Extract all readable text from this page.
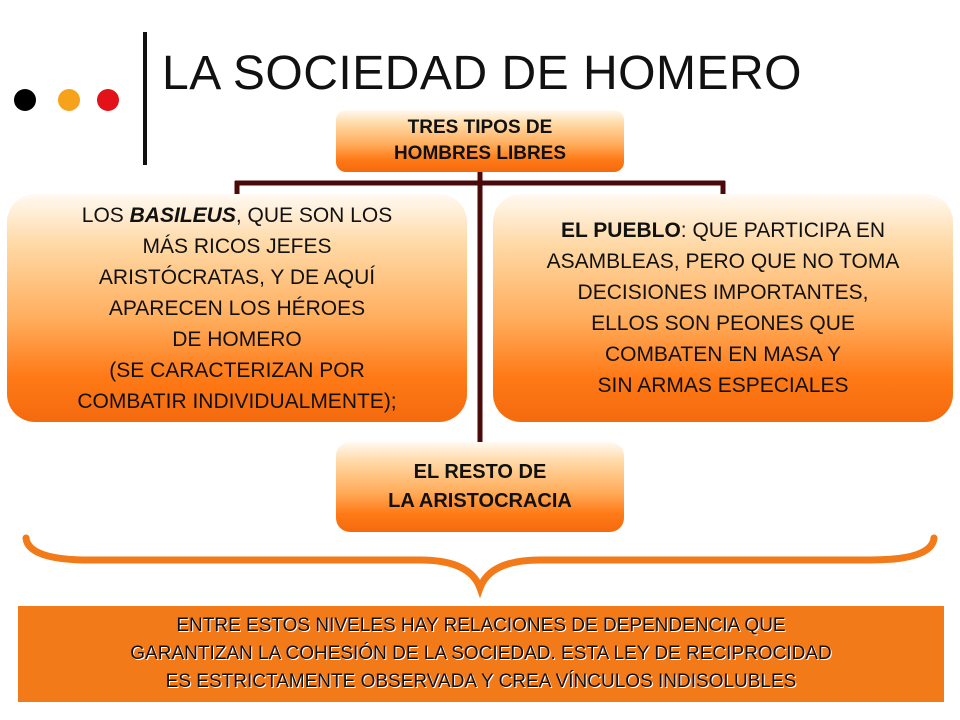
LA SOCIEDAD DE HOMERO
TRES TIPOS DE
HOMBRES LIBRES
LOS BASILEUS, QUE SON LOS
MÁS RICOS JEFES
ARISTÓCRATAS, Y DE AQUÍ
APARECEN LOS HÉROES
DE HOMERO
(SE CARACTERIZAN POR
COMBATIR INDIVIDUALMENTE);
EL PUEBLO: QUE PARTICIPA EN
ASAMBLEAS, PERO QUE NO TOMA
DECISIONES IMPORTANTES,
ELLOS SON PEONES QUE
COMBATEN EN MASA Y
SIN ARMAS ESPECIALES
EL RESTO DE
LA ARISTOCRACIA
ENTRE ESTOS NIVELES HAY RELACIONES DE DEPENDENCIA QUE
GARANTIZAN LA COHESIÓN DE LA SOCIEDAD. ESTA LEY DE RECIPROCIDAD
ES ESTRICTAMENTE OBSERVADA Y CREA VÍNCULOS INDISOLUBLES
